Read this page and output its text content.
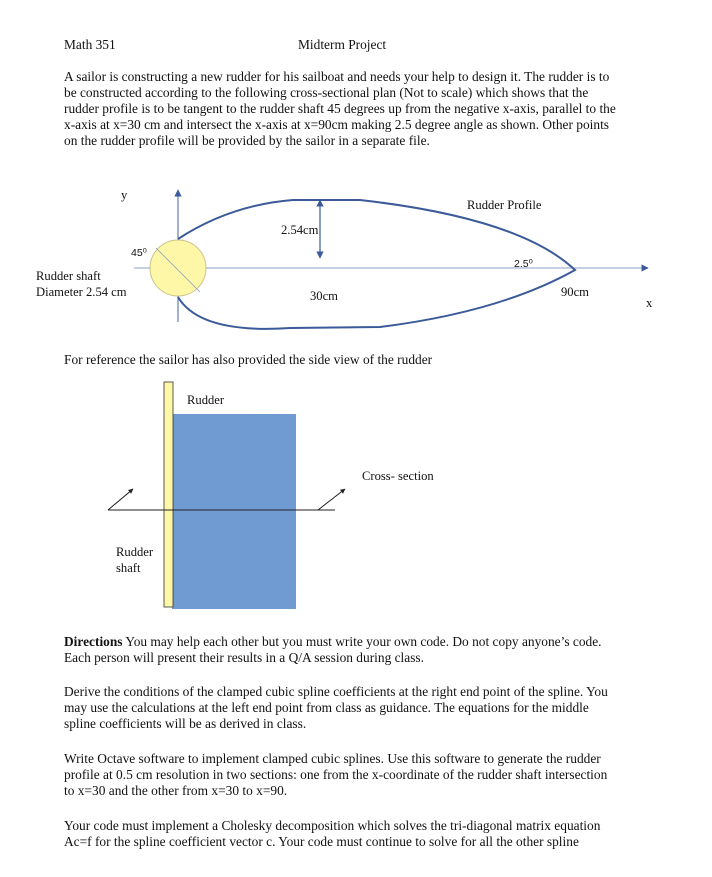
Math 351	Midterm Project
A sailor is constructing a new rudder for his sailboat and needs your help to design it. The rudder is to
be constructed according to the following cross-sectional plan (Not to scale) which shows that the
rudder profile is to be tangent to the rudder shaft 45 degrees up from the negative x-axis, parallel to the
x-axis at x=30 cm and intersect the x-axis at x=90cm making 2.5 degree angle as shown. Other points
on the rudder profile will be provided by the sailor in a separate file.
y
x
45⁰
2.5⁰
Rudder shaft
Diameter 2.54 cm
2.54cm
30cm	90cm
Rudder Profile
For reference the sailor has also provided the side view of the rudder
Rudder
Cross- section
Rudder
shaft
Directions You may help each other but you must write your own code. Do not copy anyone’s code.
Each person will present their results in a Q/A session during class.
Derive the conditions of the clamped cubic spline coefficients at the right end point of the spline. You
may use the calculations at the left end point from class as guidance. The equations for the middle
spline coefficients will be as derived in class.
Write Octave software to implement clamped cubic splines. Use this software to generate the rudder
profile at 0.5 cm resolution in two sections: one from the x-coordinate of the rudder shaft intersection
to x=30 and the other from x=30 to x=90.
Your code must implement a Cholesky decomposition which solves the tri-diagonal matrix equation
Ac=f for the spline coefficient vector c. Your code must continue to solve for all the other spline
